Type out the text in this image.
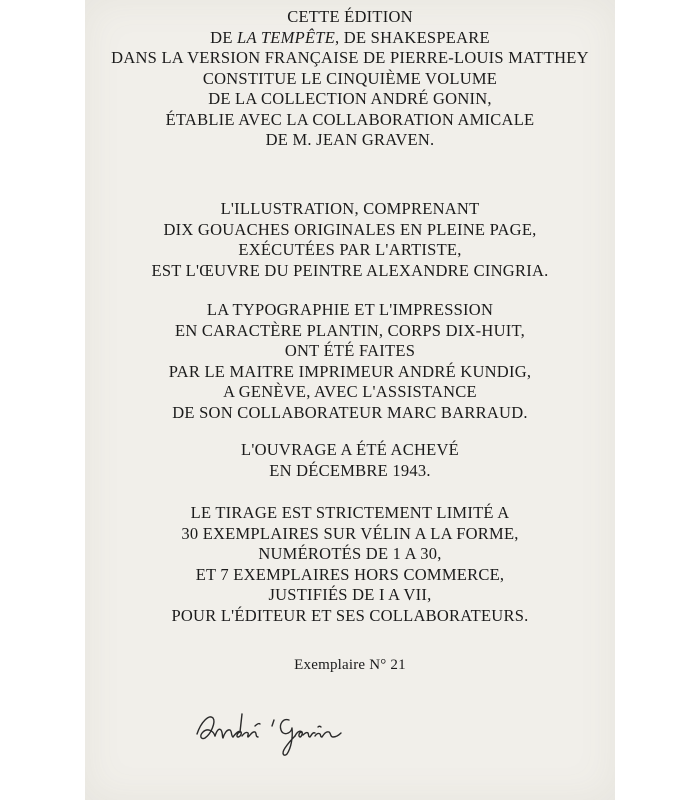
CETTE ÉDITION
DE LA TEMPÊTE, DE SHAKESPEARE
DANS LA VERSION FRANÇAISE DE PIERRE-LOUIS MATTHEY
CONSTITUE LE CINQUIÈME VOLUME
DE LA COLLECTION ANDRÉ GONIN,
ÉTABLIE AVEC LA COLLABORATION AMICALE
DE M. JEAN GRAVEN.
L'ILLUSTRATION, COMPRENANT
DIX GOUACHES ORIGINALES EN PLEINE PAGE,
EXÉCUTÉES PAR L'ARTISTE,
EST L'ŒUVRE DU PEINTRE ALEXANDRE CINGRIA.
LA TYPOGRAPHIE ET L'IMPRESSION
EN CARACTÈRE PLANTIN, CORPS DIX-HUIT,
ONT ÉTÉ FAITES
PAR LE MAITRE IMPRIMEUR ANDRÉ KUNDIG,
A GENÈVE, AVEC L'ASSISTANCE
DE SON COLLABORATEUR MARC BARRAUD.
L'OUVRAGE A ÉTÉ ACHEVÉ
EN DÉCEMBRE 1943.
LE TIRAGE EST STRICTEMENT LIMITÉ A
30 EXEMPLAIRES SUR VÉLIN A LA FORME,
NUMÉROTÉS DE 1 A 30,
ET 7 EXEMPLAIRES HORS COMMERCE,
JUSTIFIÉS DE I A VII,
POUR L'ÉDITEUR ET SES COLLABORATEURS.
Exemplaire N° 21
